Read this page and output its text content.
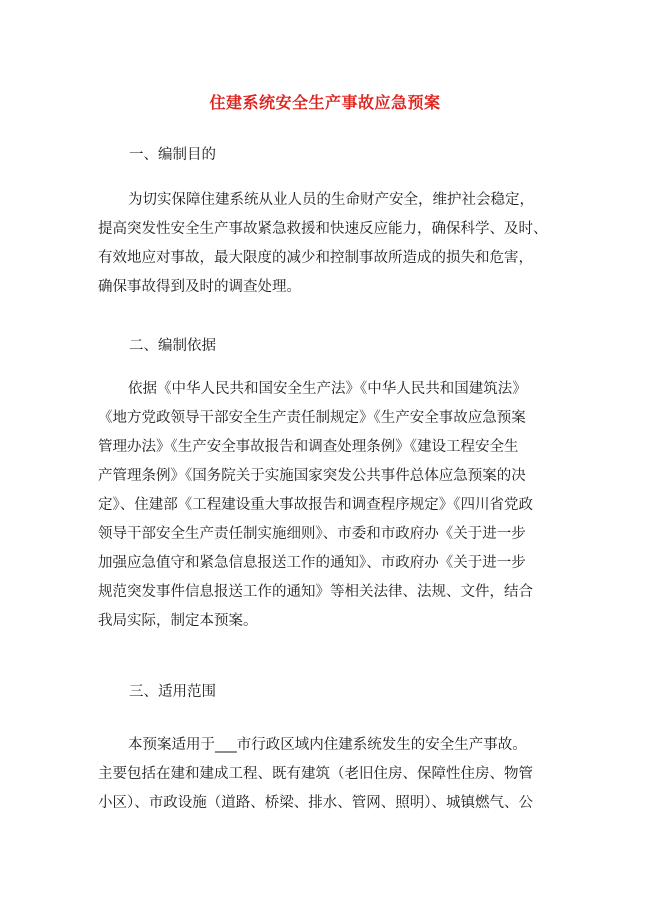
住建系统安全生产事故应急预案
一、编制目的
为切实保障住建系统从业人员的生命财产安全，维护社会稳定，
提高突发性安全生产事故紧急救援和快速反应能力，确保科学、及时、
有效地应对事故，最大限度的减少和控制事故所造成的损失和危害，
确保事故得到及时的调查处理。
二、编制依据
依据《中华人民共和国安全生产法》《中华人民共和国建筑法》
《地方党政领导干部安全生产责任制规定》《生产安全事故应急预案
管理办法》《生产安全事故报告和调查处理条例》《建设工程安全生
产管理条例》《国务院关于实施国家突发公共事件总体应急预案的决
定》、住建部《工程建设重大事故报告和调查程序规定》《四川省党政
领导干部安全生产责任制实施细则》、市委和市政府办《关于进一步
加强应急值守和紧急信息报送工作的通知》、市政府办《关于进一步
规范突发事件信息报送工作的通知》等相关法律、法规、文件，结合
我局实际，制定本预案。
三、适用范围
本预案适用于___市行政区域内住建系统发生的安全生产事故。
主要包括在建和建成工程、既有建筑（老旧住房、保障性住房、物管
小区）、市政设施（道路、桥梁、排水、管网、照明）、城镇燃气、公
